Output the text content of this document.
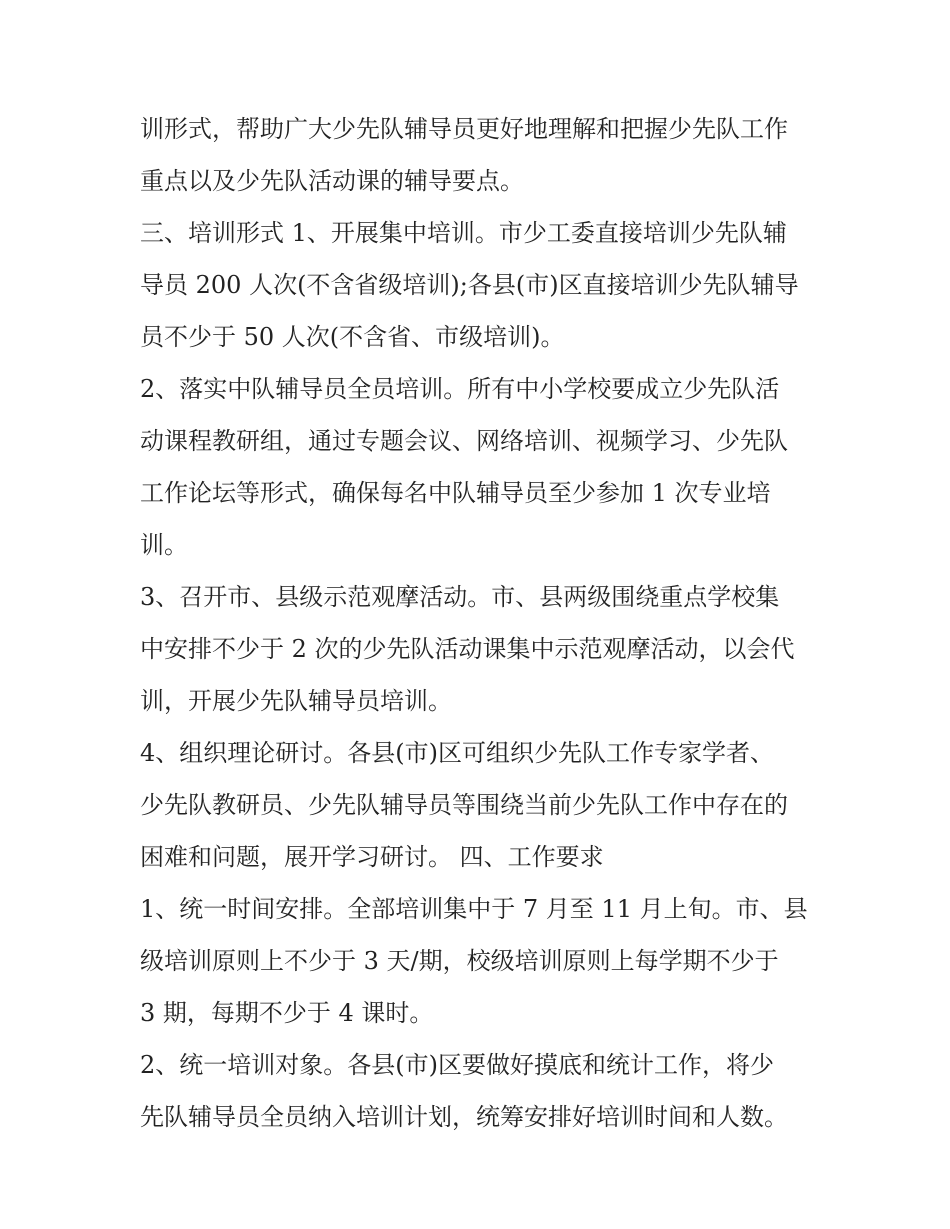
训形式，帮助广大少先队辅导员更好地理解和把握少先队工作
重点以及少先队活动课的辅导要点。
三、培训形式 1、开展集中培训。市少工委直接培训少先队辅
导员 200 人次(不含省级培训);各县(市)区直接培训少先队辅导
员不少于 50 人次(不含省、市级培训)。
2、落实中队辅导员全员培训。所有中小学校要成立少先队活
动课程教研组，通过专题会议、网络培训、视频学习、少先队
工作论坛等形式，确保每名中队辅导员至少参加 1 次专业培
训。
3、召开市、县级示范观摩活动。市、县两级围绕重点学校集
中安排不少于 2 次的少先队活动课集中示范观摩活动，以会代
训，开展少先队辅导员培训。
4、组织理论研讨。各县(市)区可组织少先队工作专家学者、
少先队教研员、少先队辅导员等围绕当前少先队工作中存在的
困难和问题，展开学习研讨。 四、工作要求
1、统一时间安排。全部培训集中于 7 月至 11 月上旬。市、县
级培训原则上不少于 3 天/期，校级培训原则上每学期不少于
3 期，每期不少于 4 课时。
2、统一培训对象。各县(市)区要做好摸底和统计工作，将少
先队辅导员全员纳入培训计划，统筹安排好培训时间和人数。
